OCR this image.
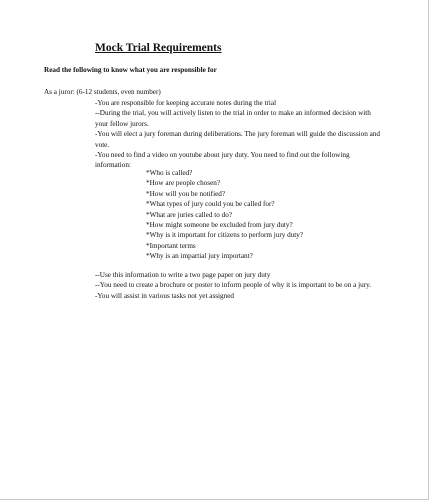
Mock Trial Requirements
Read the following to know what you are responsible for
As a juror: (6-12 students, even number)
-You are responsible for keeping accurate notes during the trial
--During the trial, you will actively listen to the trial in order to make an informed decision with your fellow jurors.
-You will elect a jury foreman during deliberations. The jury foreman will guide the discussion and vote.
-You need to find a video on youtube about jury duty. You need to find out the following information:
*Who is called?
*How are people chosen?
*How will you be notified?
*What types of jury could you be called for?
*What are juries called to do?
*How might someone be excluded from jury duty?
*Why is it important for citizens to perform jury duty?
*Important terms
*Why is an impartial jury important?
--Use this information to write a two page paper on jury duty
--You need to create a brochure or poster to inform people of why it is important to be on a jury.
-You will assist in various tasks not yet assigned
